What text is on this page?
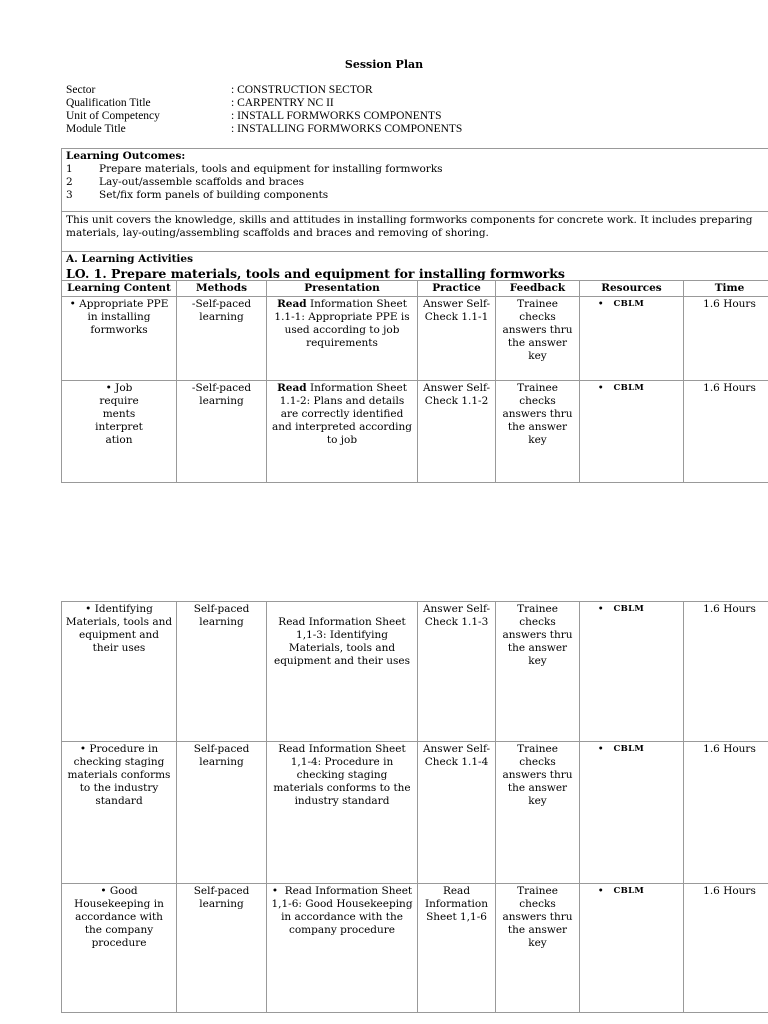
Session Plan
Sector	: CONSTRUCTION SECTOR
Qualification Title	: CARPENTRY NC II
Unit of Competency	: INSTALL FORMWORKS COMPONENTS
Module Title	: INSTALLING FORMWORKS COMPONENTS
Learning Outcomes:
1	Prepare materials, tools and equipment for installing formworks
2	Lay-out/assemble scaffolds and braces
3	Set/fix form panels of building components
This unit covers the knowledge, skills and attitudes in installing formworks components for concrete work. It includes preparing materials, lay-outing/assembling scaffolds and braces and removing of shoring.
A. Learning Activities
LO. 1. Prepare materials, tools and equipment for installing formworks
Learning Content	Methods	Presentation	Practice	Feedback	Resources	Time
• Appropriate PPE in installing formworks	-Self-paced learning	Read Information Sheet 1.1-1: Appropriate PPE is used according to job requirements	Answer Self-Check 1.1-1	Trainee checks answers thru the answer key	• CBLM	1.6 Hours

• Job require ments interpret ation	-Self-paced learning	Read Information Sheet 1.1-2: Plans and details are correctly identified and interpreted according to job	Answer Self-Check 1.1-2	Trainee checks answers thru the answer key	• CBLM	1.6 Hours
• Identifying Materials, tools and equipment and their uses	Self-paced learning	Read Information Sheet 1,1-3: Identifying Materials, tools and equipment and their uses	Answer Self-Check 1.1-3	Trainee checks answers thru the answer key	• CBLM	1.6 Hours
• Procedure in checking staging materials conforms to the industry standard	Self-paced learning	Read Information Sheet 1,1-4: Procedure in checking staging materials conforms to the industry standard	Answer Self-Check 1.1-4	Trainee checks answers thru the answer key	• CBLM	1.6 Hours
• Good Housekeeping in accordance with the company procedure	Self-paced learning	• Read Information Sheet 1,1-6: Good Housekeeping in accordance with the company procedure	Read Information Sheet 1,1-6	Trainee checks answers thru the answer key	• CBLM	1.6 Hours
